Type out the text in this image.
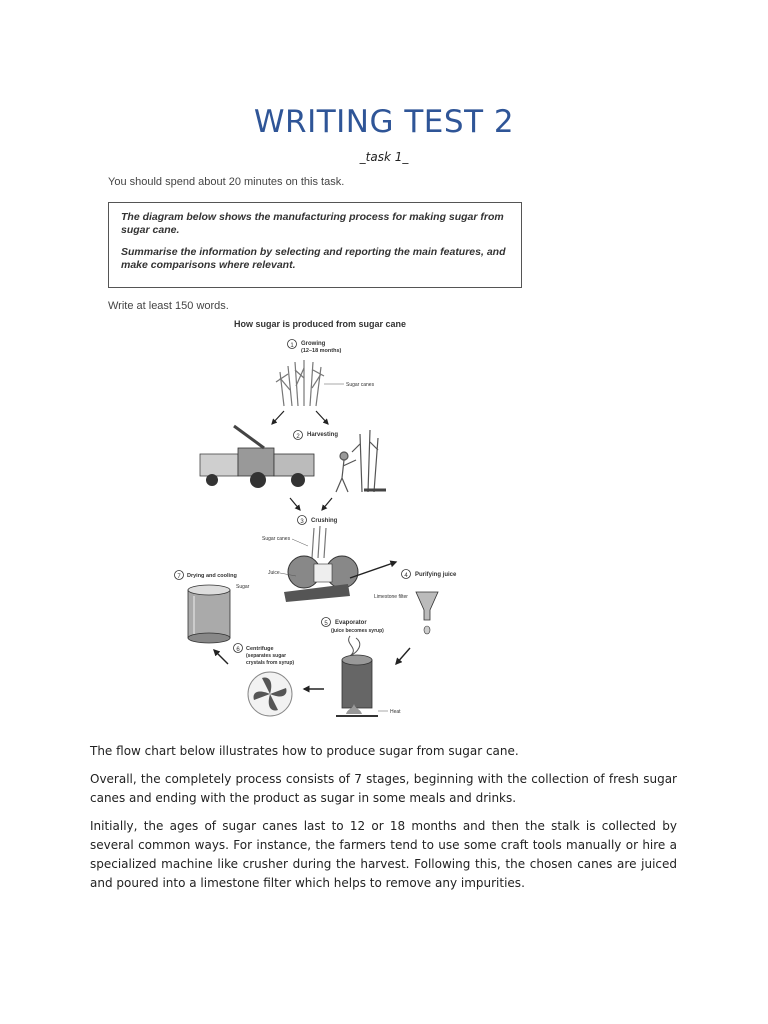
WRITING TEST 2
_task 1_
You should spend about 20 minutes on this task.

The diagram below shows the manufacturing process for making sugar from sugar cane.

Summarise the information by selecting and reporting the main features, and make comparisons where relevant.

Write at least 150 words.
How sugar is produced from sugar cane
1 Growing
(12–18 months)
Sugar canes
2 Harvesting
3 Crushing
Sugar canes
Juice	4 Purifying juice
Limestone filter
5 Evaporator
(juice becomes syrup)
Heat
6 Centrifuge
(separates sugar
crystals from syrup)
7 Drying and cooling
Sugar

The flow chart below illustrates how to produce sugar from sugar cane.

Overall, the completely process consists of 7 stages, beginning with the collection of fresh sugar canes and ending with the product as sugar in some meals and drinks.

Initially, the ages of sugar canes last to 12 or 18 months and then the stalk is collected by several common ways. For instance, the farmers tend to use some craft tools manually or hire a specialized machine like crusher during the harvest. Following this, the chosen canes are juiced and poured into a limestone filter which helps to remove any impurities.
